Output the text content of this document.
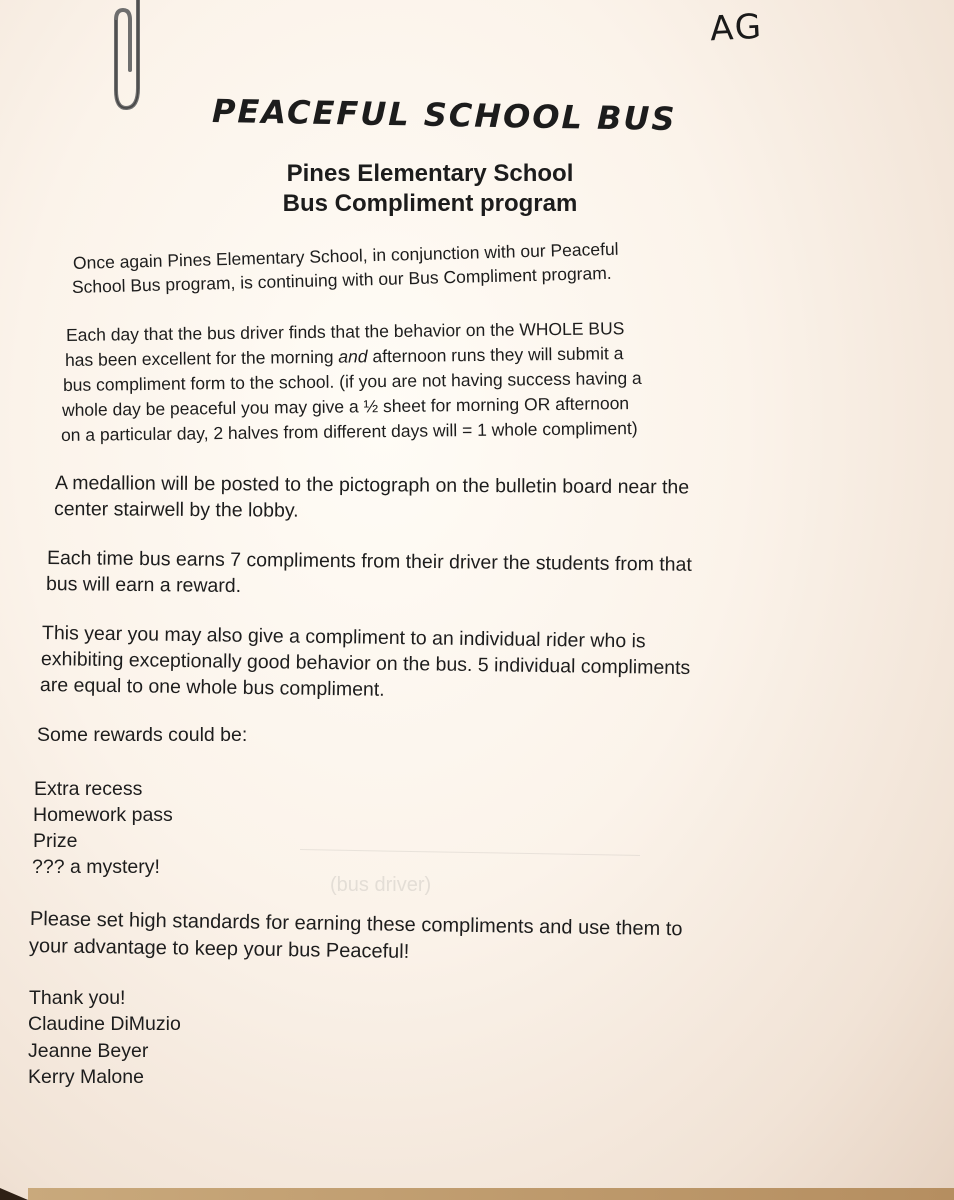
AG
PEACEFUL SCHOOL BUS
Pines Elementary School
Bus Compliment program

(bus driver)

Once again Pines Elementary School, in conjunction with our Peaceful

School Bus program, is continuing with our Bus Compliment program.

Each day that the bus driver finds that the behavior on the WHOLE BUS

has been excellent for the morning and afternoon runs they will submit a

bus compliment form to the school. (if you are not having success having a

whole day be peaceful you may give a ½ sheet for morning OR afternoon

on a particular day, 2 halves from different days will = 1 whole compliment)

A medallion will be posted to the pictograph on the bulletin board near the

center stairwell by the lobby.

Each time bus earns 7 compliments from their driver the students from that

bus will earn a reward.

This year you may also give a compliment to an individual rider who is

exhibiting exceptionally good behavior on the bus. 5 individual compliments

are equal to one whole bus compliment.

Some rewards could be:

Extra recess

Homework pass

Prize

??? a mystery!

Please set high standards for earning these compliments and use them to

your advantage to keep your bus Peaceful!

Thank you!

Claudine DiMuzio

Jeanne Beyer

Kerry Malone
